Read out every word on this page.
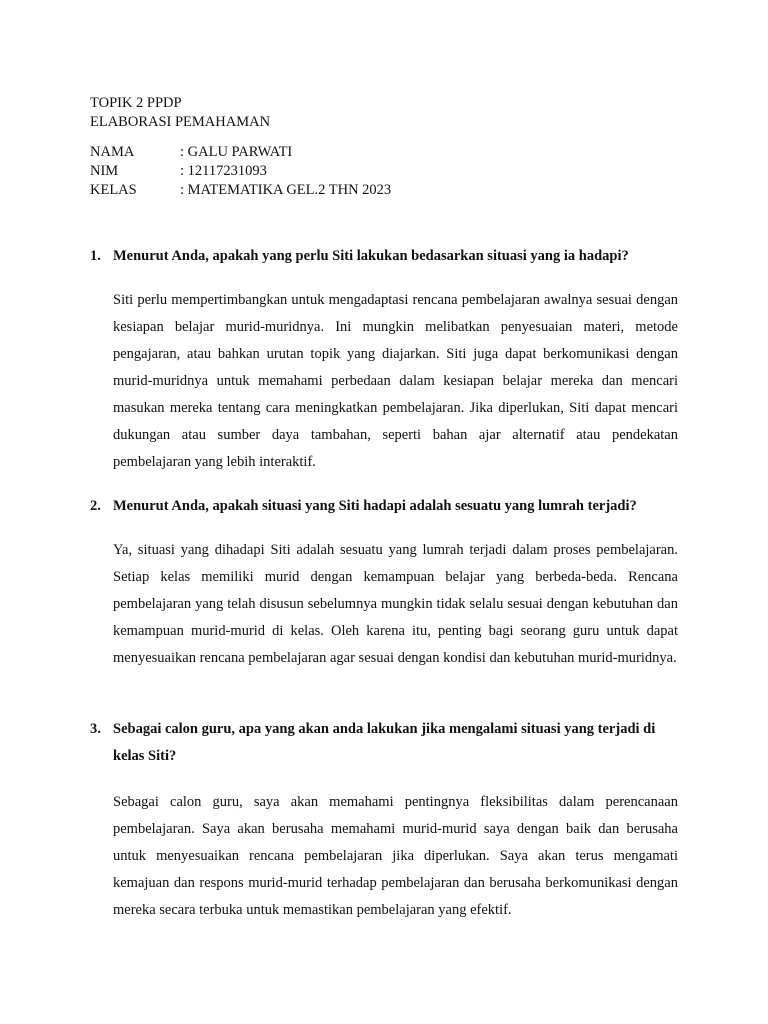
TOPIK 2 PPDP
ELABORASI PEMAHAMAN
NAMA	: GALU PARWATI
NIM	: 12117231093
KELAS	: MATEMATIKA GEL.2 THN 2023
1. Menurut Anda, apakah yang perlu Siti lakukan bedasarkan situasi yang ia hadapi?
Siti perlu mempertimbangkan untuk mengadaptasi rencana pembelajaran awalnya sesuai dengan kesiapan belajar murid-muridnya. Ini mungkin melibatkan penyesuaian materi, metode pengajaran, atau bahkan urutan topik yang diajarkan. Siti juga dapat berkomunikasi dengan murid-muridnya untuk memahami perbedaan dalam kesiapan belajar mereka dan mencari masukan mereka tentang cara meningkatkan pembelajaran. Jika diperlukan, Siti dapat mencari dukungan atau sumber daya tambahan, seperti bahan ajar alternatif atau pendekatan pembelajaran yang lebih interaktif.
2. Menurut Anda, apakah situasi yang Siti hadapi adalah sesuatu yang lumrah terjadi?
Ya, situasi yang dihadapi Siti adalah sesuatu yang lumrah terjadi dalam proses pembelajaran. Setiap kelas memiliki murid dengan kemampuan belajar yang berbeda-beda. Rencana pembelajaran yang telah disusun sebelumnya mungkin tidak selalu sesuai dengan kebutuhan dan kemampuan murid-murid di kelas. Oleh karena itu, penting bagi seorang guru untuk dapat menyesuaikan rencana pembelajaran agar sesuai dengan kondisi dan kebutuhan murid-muridnya.
3. Sebagai calon guru, apa yang akan anda lakukan jika mengalami situasi yang terjadi di kelas Siti?
Sebagai calon guru, saya akan memahami pentingnya fleksibilitas dalam perencanaan pembelajaran. Saya akan berusaha memahami murid-murid saya dengan baik dan berusaha untuk menyesuaikan rencana pembelajaran jika diperlukan. Saya akan terus mengamati kemajuan dan respons murid-murid terhadap pembelajaran dan berusaha berkomunikasi dengan mereka secara terbuka untuk memastikan pembelajaran yang efektif.
